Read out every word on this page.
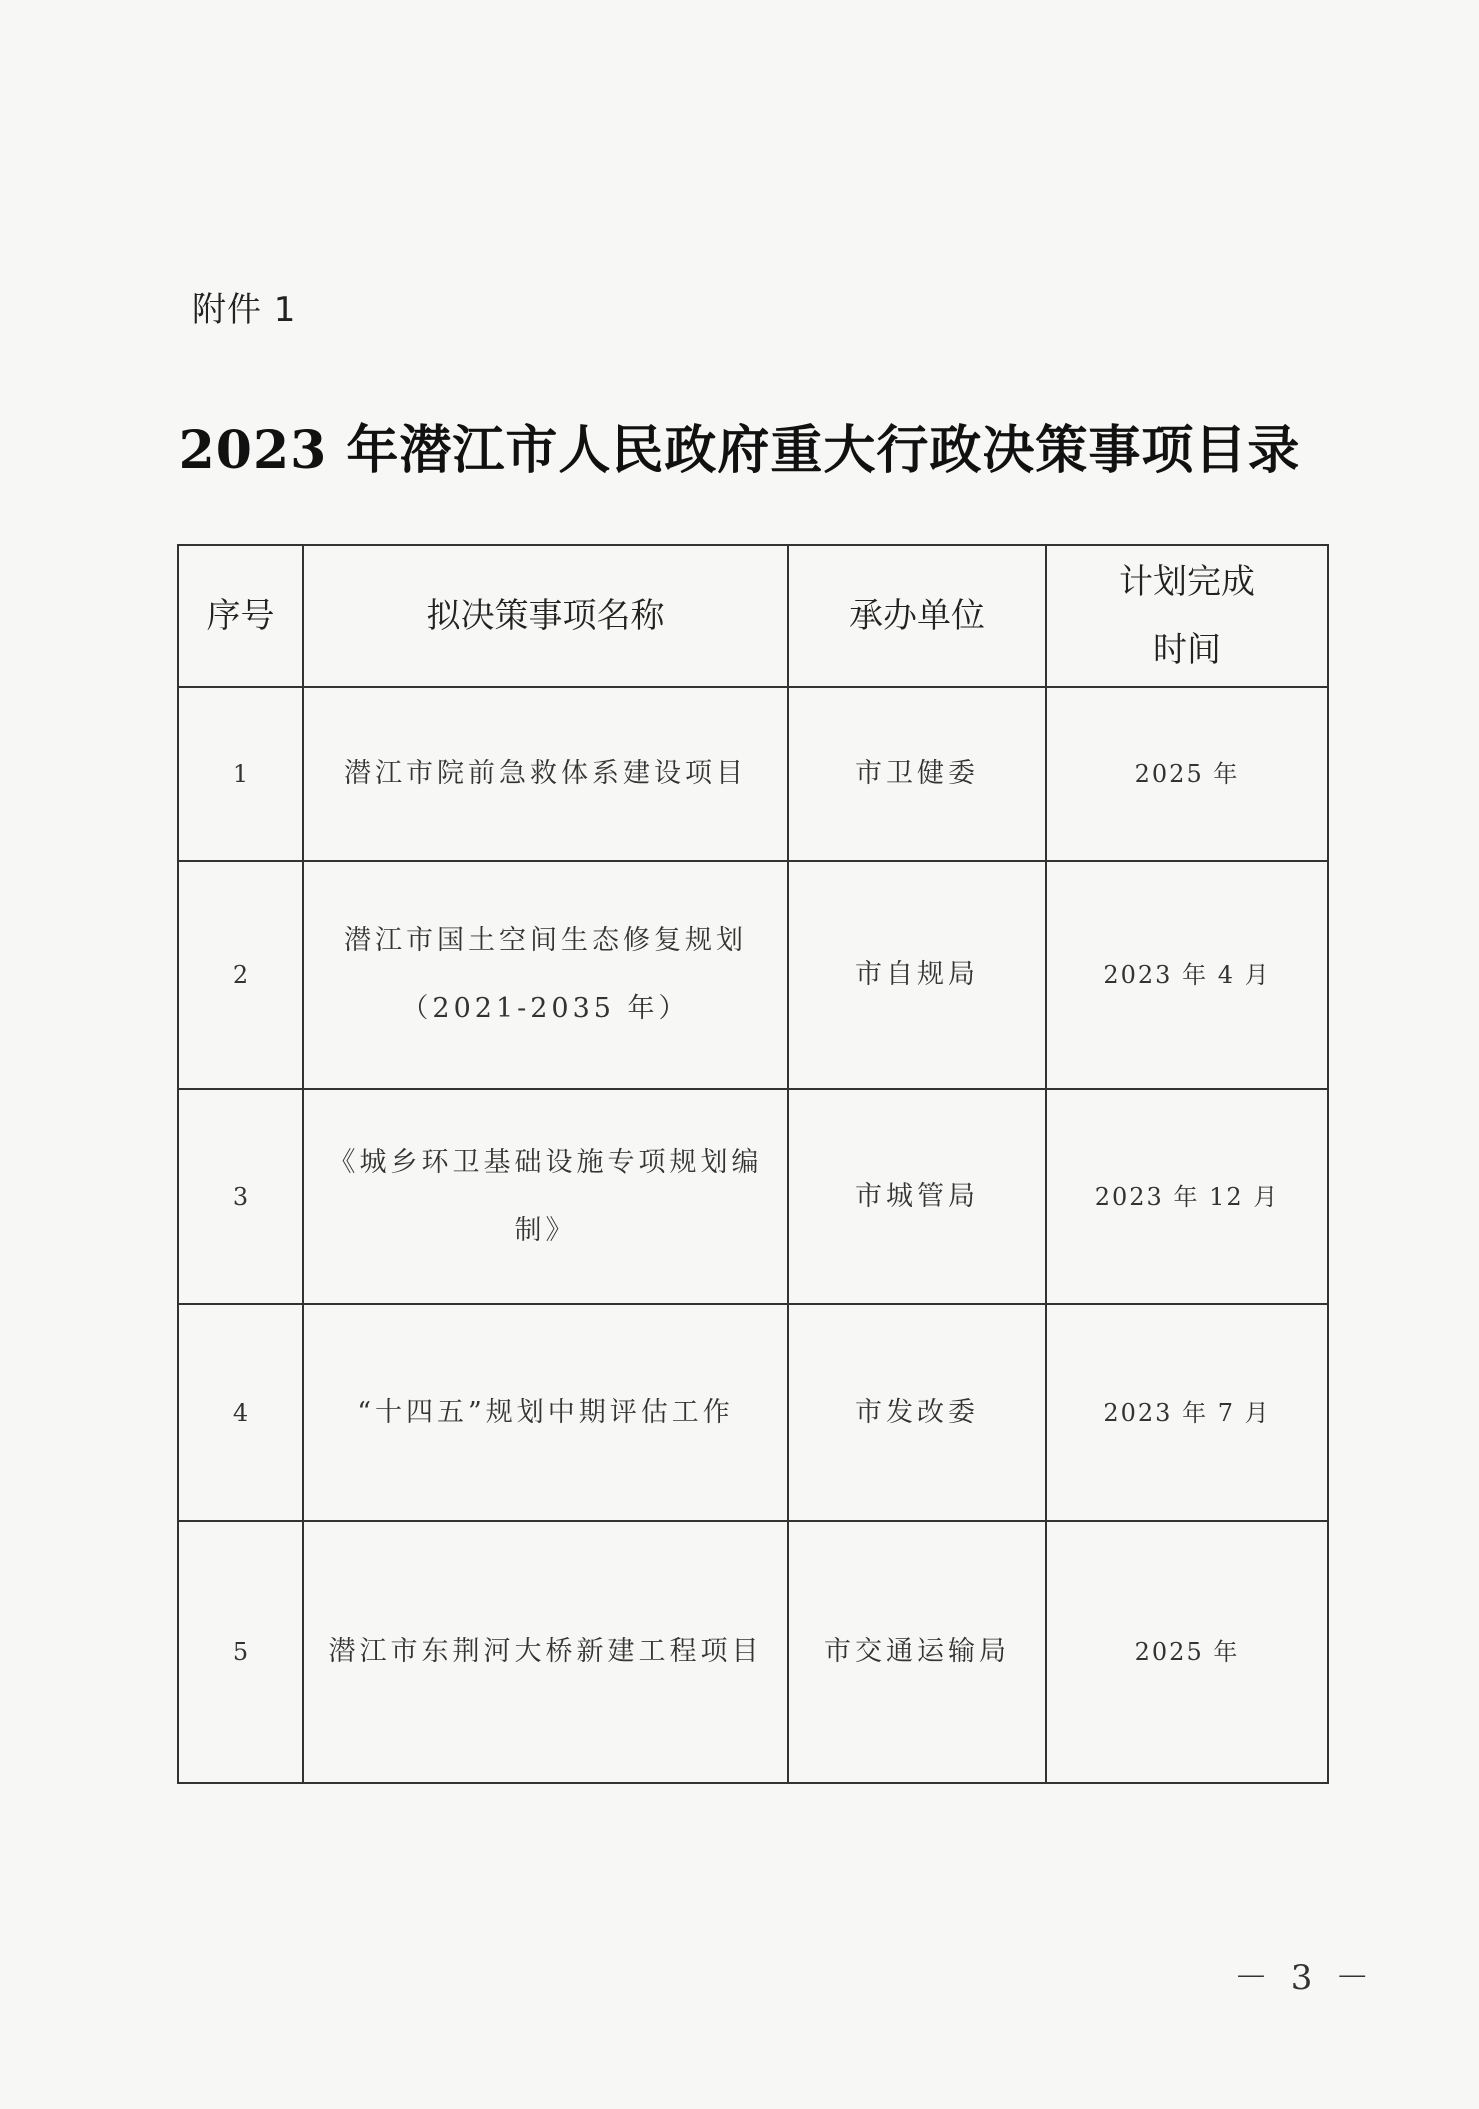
附件 1
2023 年潜江市人民政府重大行政决策事项目录
序号	拟决策事项名称	承办单位	计划完成
时间

1	潜江市院前急救体系建设项目	市卫健委	2025 年
2	潜江市国土空间生态修复规划
（2021-2035 年）	市自规局	2023 年 4 月
3	《城乡环卫基础设施专项规划编
制》	市城管局	2023 年 12 月
4	“十四五”规划中期评估工作	市发改委	2023 年 7 月
5	潜江市东荆河大桥新建工程项目	市交通运输局	2025 年
－ 3 －
